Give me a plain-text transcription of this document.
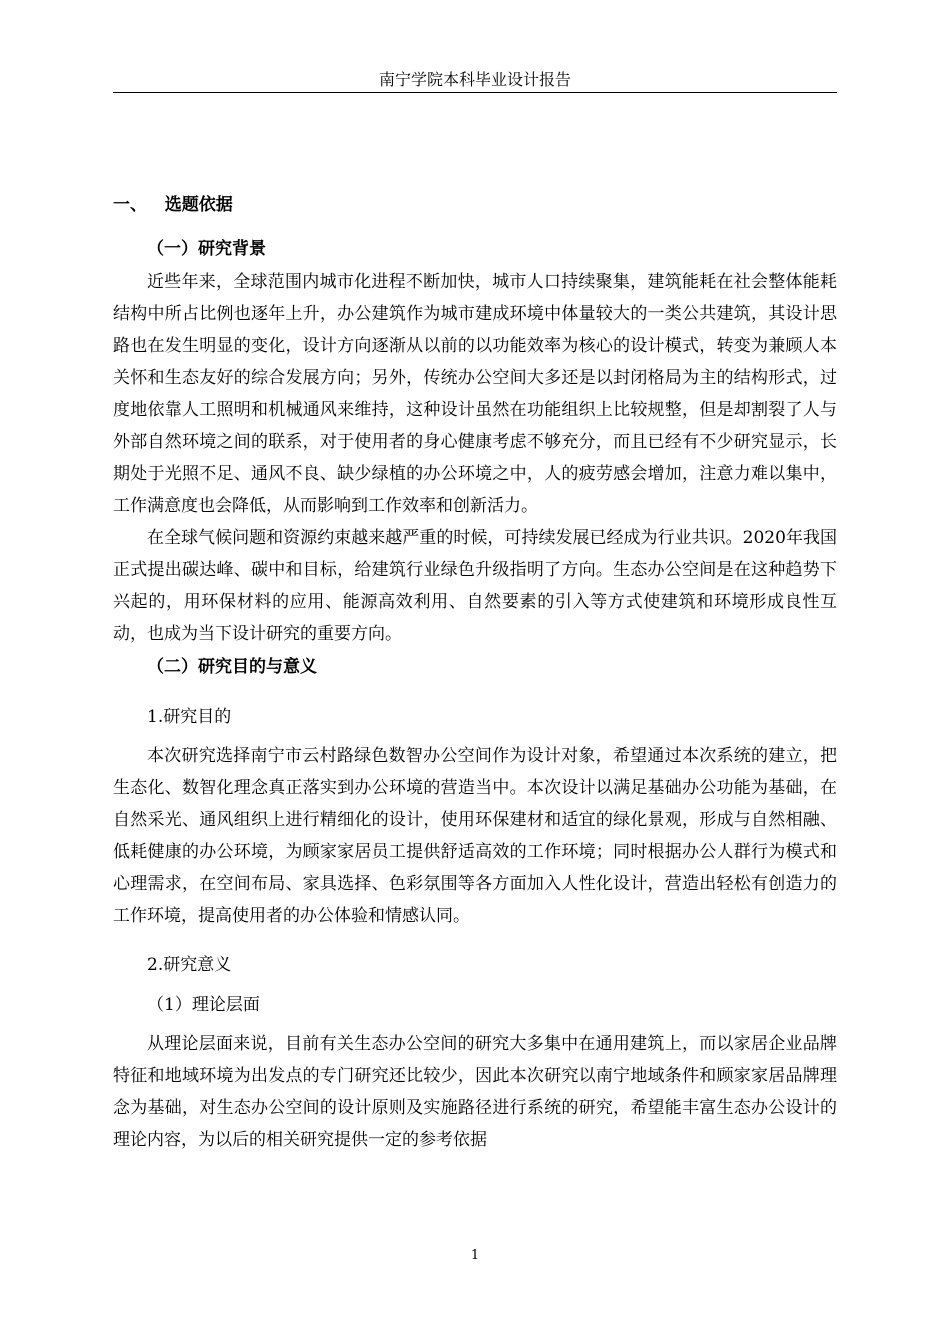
南宁学院本科毕业设计报告
一、   选题依据
（一）研究背景

近些年来，全球范围内城市化进程不断加快，城市人口持续聚集，建筑能耗在社会整体能耗结构中所占比例也逐年上升，办公建筑作为城市建成环境中体量较大的一类公共建筑，其设计思路也在发生明显的变化，设计方向逐渐从以前的以功能效率为核心的设计模式，转变为兼顾人本关怀和生态友好的综合发展方向；另外，传统办公空间大多还是以封闭格局为主的结构形式，过度地依靠人工照明和机械通风来维持，这种设计虽然在功能组织上比较规整，但是却割裂了人与外部自然环境之间的联系，对于使用者的身心健康考虑不够充分，而且已经有不少研究显示，长期处于光照不足、通风不良、缺少绿植的办公环境之中，人的疲劳感会增加，注意力难以集中，工作满意度也会降低，从而影响到工作效率和创新活力。

在全球气候问题和资源约束越来越严重的时候，可持续发展已经成为行业共识。2020年我国正式提出碳达峰、碳中和目标，给建筑行业绿色升级指明了方向。生态办公空间是在这种趋势下兴起的，用环保材料的应用、能源高效利用、自然要素的引入等方式使建筑和环境形成良性互动，也成为当下设计研究的重要方向。

（二）研究目的与意义
1.研究目的

本次研究选择南宁市云村路绿色数智办公空间作为设计对象，希望通过本次系统的建立，把生态化、数智化理念真正落实到办公环境的营造当中。本次设计以满足基础办公功能为基础，在自然采光、通风组织上进行精细化的设计，使用环保建材和适宜的绿化景观，形成与自然相融、低耗健康的办公环境，为顾家家居员工提供舒适高效的工作环境；同时根据办公人群行为模式和心理需求，在空间布局、家具选择、色彩氛围等各方面加入人性化设计，营造出轻松有创造力的工作环境，提高使用者的办公体验和情感认同。

2.研究意义
（1）理论层面

从理论层面来说，目前有关生态办公空间的研究大多集中在通用建筑上，而以家居企业品牌特征和地域环境为出发点的专门研究还比较少，因此本次研究以南宁地域条件和顾家家居品牌理念为基础，对生态办公空间的设计原则及实施路径进行系统的研究，希望能丰富生态办公设计的理论内容，为以后的相关研究提供一定的参考依据

1
